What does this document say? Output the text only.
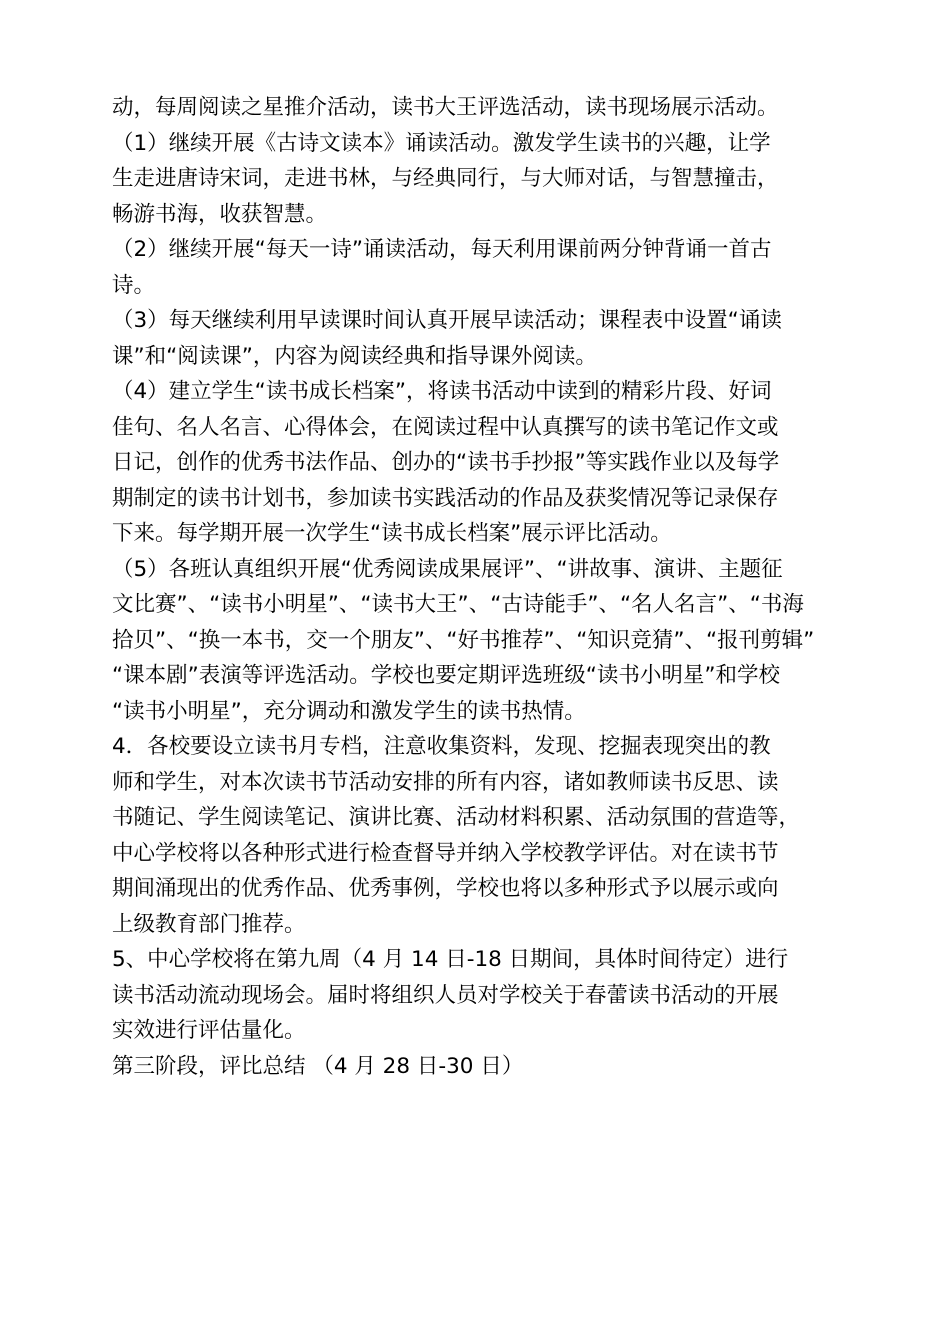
动，每周阅读之星推介活动，读书大王评选活动，读书现场展示活动。
（1）继续开展《古诗文读本》诵读活动。激发学生读书的兴趣，让学
生走进唐诗宋词，走进书林，与经典同行，与大师对话，与智慧撞击，
畅游书海，收获智慧。
（2）继续开展“每天一诗”诵读活动，每天利用课前两分钟背诵一首古
诗。
（3）每天继续利用早读课时间认真开展早读活动；课程表中设置“诵读
课”和“阅读课”，内容为阅读经典和指导课外阅读。
（4）建立学生“读书成长档案”，将读书活动中读到的精彩片段、好词
佳句、名人名言、心得体会，在阅读过程中认真撰写的读书笔记作文或
日记，创作的优秀书法作品、创办的“读书手抄报”等实践作业以及每学
期制定的读书计划书，参加读书实践活动的作品及获奖情况等记录保存
下来。每学期开展一次学生“读书成长档案”展示评比活动。
（5）各班认真组织开展“优秀阅读成果展评”、“讲故事、演讲、主题征
文比赛”、“读书小明星”、“读书大王”、“古诗能手”、“名人名言”、“书海
拾贝”、“换一本书，交一个朋友”、“好书推荐”、“知识竞猜”、“报刊剪辑”
“课本剧”表演等评选活动。学校也要定期评选班级“读书小明星”和学校
“读书小明星”，充分调动和激发学生的读书热情。
4．各校要设立读书月专档，注意收集资料，发现、挖掘表现突出的教
师和学生，对本次读书节活动安排的所有内容，诸如教师读书反思、读
书随记、学生阅读笔记、演讲比赛、活动材料积累、活动氛围的营造等，
中心学校将以各种形式进行检查督导并纳入学校教学评估。对在读书节
期间涌现出的优秀作品、优秀事例，学校也将以多种形式予以展示或向
上级教育部门推荐。
5、中心学校将在第九周（4 月 14 日-18 日期间，具体时间待定）进行
读书活动流动现场会。届时将组织人员对学校关于春蕾读书活动的开展
实效进行评估量化。
第三阶段，评比总结 （4 月 28 日-30 日）
